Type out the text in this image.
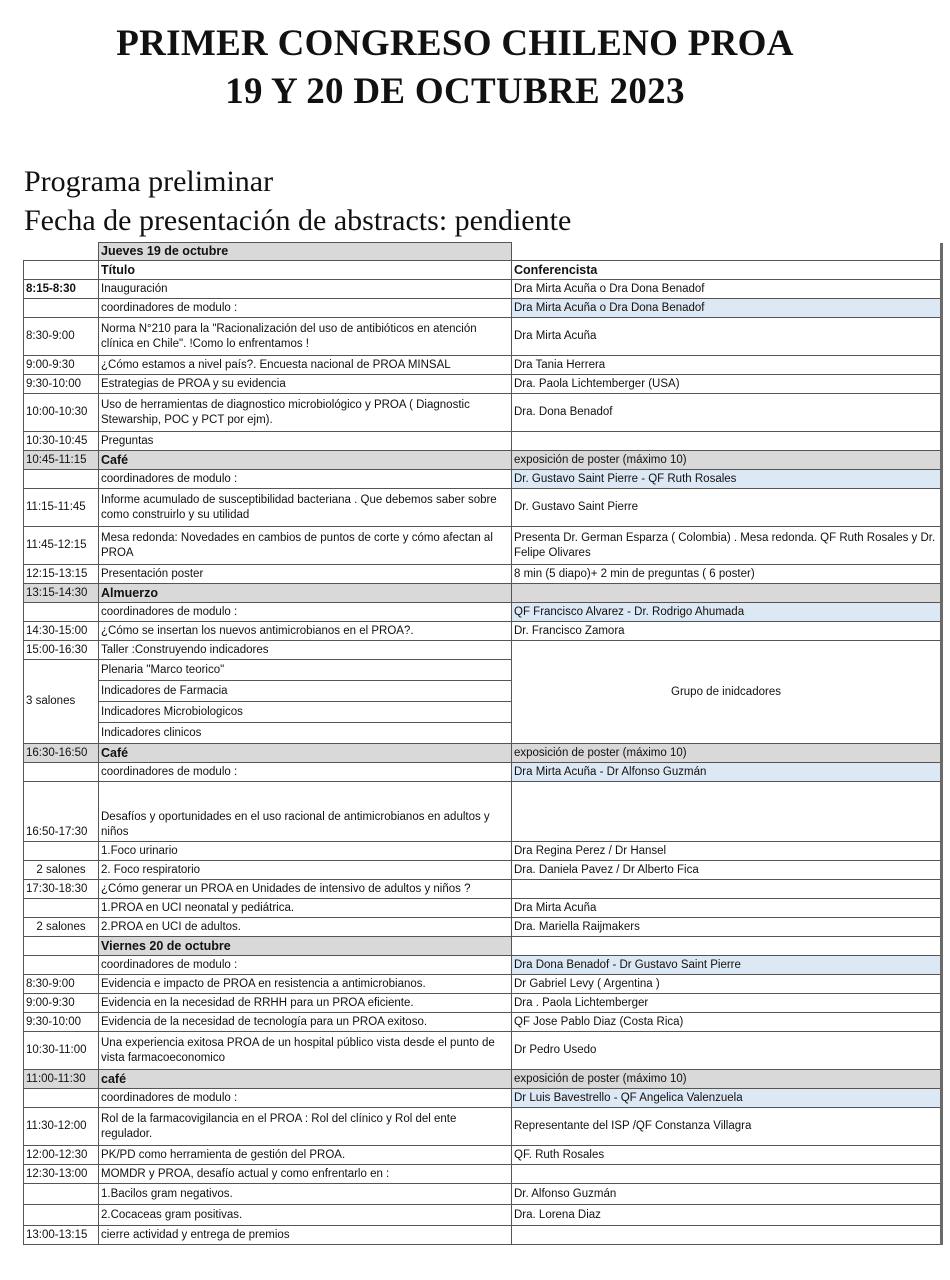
PRIMER CONGRESO CHILENO PROA
19 Y 20 DE OCTUBRE 2023
Programa preliminar
Fecha de presentación de abstracts: pendiente
	Jueves 19 de octubre	
	Título	Conferencista
8:15-8:30	Inauguración	Dra Mirta Acuña o Dra Dona Benadof
	coordinadores de modulo :	Dra Mirta Acuña o Dra Dona Benadof
8:30-9:00	Norma N°210 para la "Racionalización del uso de antibióticos en atención clínica en Chile". !Como lo enfrentamos !	Dra Mirta Acuña
9:00-9:30	¿Cómo estamos a nivel país?. Encuesta nacional de PROA MINSAL	Dra Tania Herrera
9:30-10:00	Estrategias de PROA y su evidencia	Dra. Paola Lichtemberger (USA)
10:00-10:30	Uso de herramientas de diagnostico microbiológico y PROA ( Diagnostic Stewarship, POC y PCT por ejm).	Dra. Dona Benadof
10:30-10:45	Preguntas	
10:45-11:15	Café	exposición de poster (máximo 10)
	coordinadores de modulo :	Dr. Gustavo Saint Pierre - QF Ruth Rosales
11:15-11:45	Informe acumulado de susceptibilidad bacteriana . Que debemos saber sobre como construirlo y su utilidad	Dr. Gustavo Saint Pierre
11:45-12:15	Mesa redonda: Novedades en cambios de puntos de corte y cómo afectan al PROA	Presenta Dr. German Esparza ( Colombia) . Mesa redonda. QF Ruth Rosales y Dr. Felipe Olivares
12:15-13:15	Presentación poster	8 min (5 diapo)+ 2 min de preguntas ( 6 poster)
13:15-14:30	Almuerzo	
	coordinadores de modulo :	QF Francisco Alvarez - Dr. Rodrigo Ahumada
14:30-15:00	¿Cómo se insertan los nuevos antimicrobianos en el PROA?.	Dr. Francisco Zamora
15:00-16:30	Taller :Construyendo indicadores	Grupo de inidcadores
3 salones	Plenaria "Marco teorico"	
	Indicadores de Farmacia	
	Indicadores Microbiologicos	
	Indicadores clinicos	
16:30-16:50	Café	exposición de poster (máximo 10)
	coordinadores de modulo :	Dra Mirta Acuña - Dr Alfonso Guzmán
16:50-17:30	Desafíos y oportunidades en el uso racional de antimicrobianos en adultos y niños	
	1.Foco urinario	Dra Regina Perez / Dr Hansel
2 salones	2. Foco respiratorio	Dra. Daniela Pavez / Dr Alberto Fica
17:30-18:30	¿Cómo generar un PROA en Unidades de intensivo de adultos y niños ?	
	1.PROA en UCI neonatal y pediátrica.	Dra Mirta Acuña
2 salones	2.PROA en UCI de adultos.	Dra. Mariella Raijmakers
	Viernes 20 de octubre	
	coordinadores de modulo :	Dra Dona Benadof - Dr Gustavo Saint Pierre
8:30-9:00	Evidencia e impacto de PROA en resistencia a antimicrobianos.	Dr Gabriel Levy ( Argentina )
9:00-9:30	Evidencia en la necesidad de RRHH para un PROA eficiente.	Dra . Paola Lichtemberger
9:30-10:00	Evidencia de la necesidad de tecnología para un PROA exitoso.	QF Jose Pablo Diaz (Costa Rica)
10:30-11:00	Una experiencia exitosa PROA de un hospital público vista desde el punto de vista farmacoeconomico	Dr Pedro Usedo
11:00-11:30	café	exposición de poster (máximo 10)
	coordinadores de modulo :	Dr Luis Bavestrello - QF Angelica Valenzuela
11:30-12:00	Rol de la farmacovigilancia en el PROA : Rol del clínico y Rol del ente regulador.	Representante del ISP /QF Constanza Villagra
12:00-12:30	PK/PD como herramienta de gestión del PROA.	QF. Ruth Rosales
12:30-13:00	MOMDR y PROA, desafío actual y como enfrentarlo en :	
	1.Bacilos gram negativos.	Dr. Alfonso Guzmán
	2.Cocaceas gram positivas.	Dra. Lorena Diaz
13:00-13:15	cierre actividad y entrega de premios	
